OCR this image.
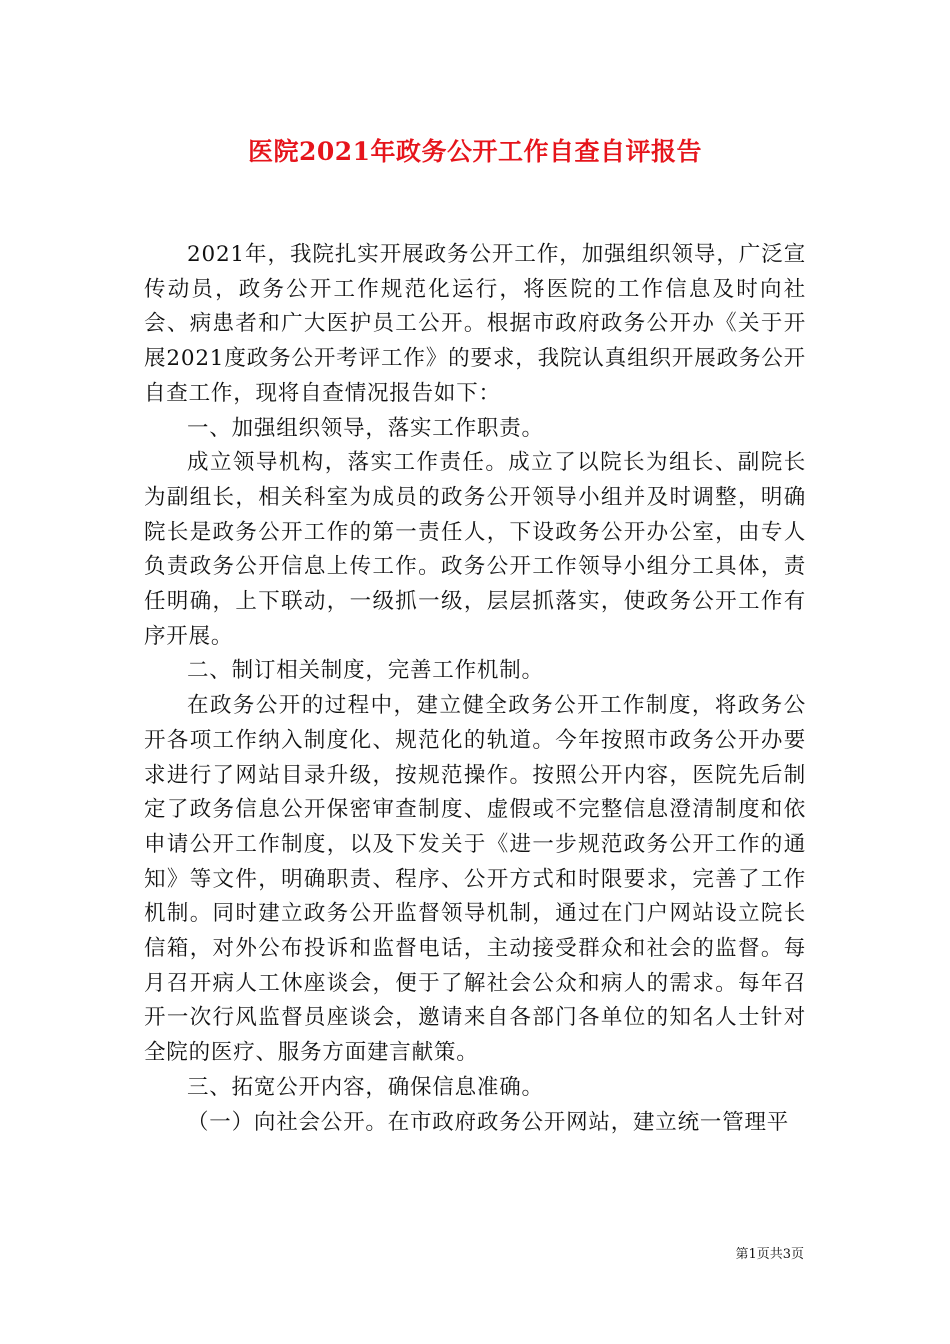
医院2021年政务公开工作自查自评报告

2021年，我院扎实开展政务公开工作，加强组织领导，广泛宣传动员，政务公开工作规范化运行，将医院的工作信息及时向社会、病患者和广大医护员工公开。根据市政府政务公开办《关于开展2021度政务公开考评工作》的要求，我院认真组织开展政务公开自查工作，现将自查情况报告如下：

一、加强组织领导，落实工作职责。

成立领导机构，落实工作责任。成立了以院长为组长、副院长为副组长，相关科室为成员的政务公开领导小组并及时调整，明确院长是政务公开工作的第一责任人，下设政务公开办公室，由专人负责政务公开信息上传工作。政务公开工作领导小组分工具体，责任明确，上下联动，一级抓一级，层层抓落实，使政务公开工作有序开展。

二、制订相关制度，完善工作机制。

在政务公开的过程中，建立健全政务公开工作制度，将政务公开各项工作纳入制度化、规范化的轨道。今年按照市政务公开办要求进行了网站目录升级，按规范操作。按照公开内容，医院先后制定了政务信息公开保密审查制度、虚假或不完整信息澄清制度和依申请公开工作制度，以及下发关于《进一步规范政务公开工作的通知》等文件，明确职责、程序、公开方式和时限要求，完善了工作机制。同时建立政务公开监督领导机制，通过在门户网站设立院长信箱，对外公布投诉和监督电话，主动接受群众和社会的监督。每月召开病人工休座谈会，便于了解社会公众和病人的需求。每年召开一次行风监督员座谈会，邀请来自各部门各单位的知名人士针对全院的医疗、服务方面建言献策。

三、拓宽公开内容，确保信息准确。

（一）向社会公开。在市政府政务公开网站，建立统一管理平

第1页共3页
